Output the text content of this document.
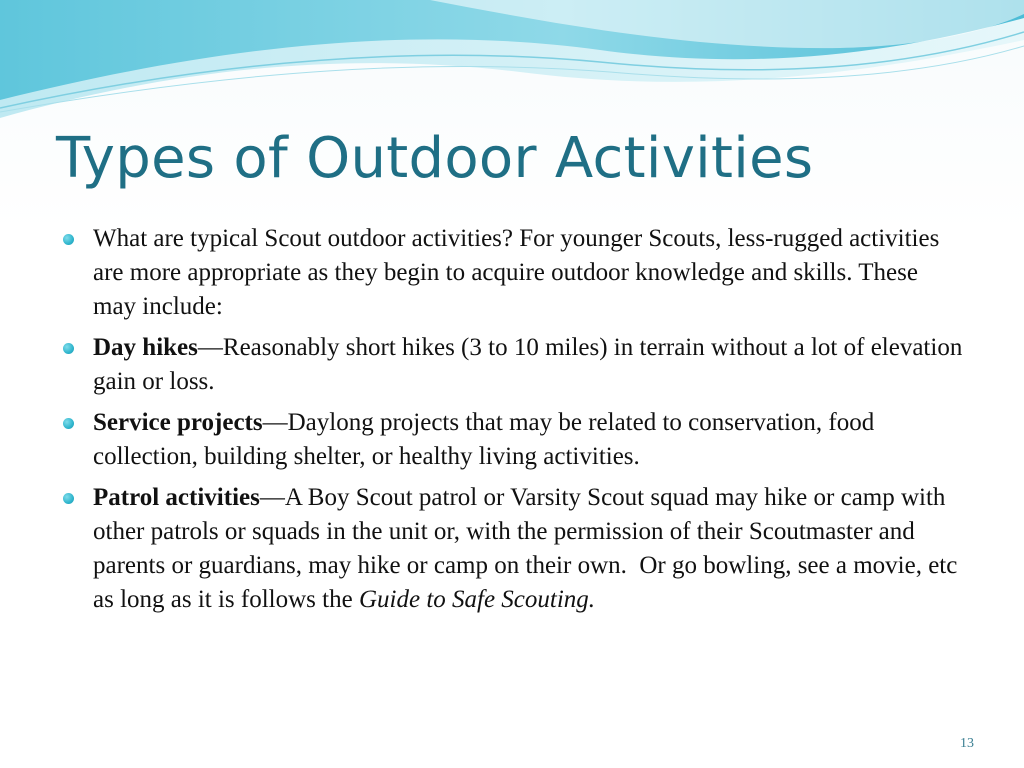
Types of Outdoor Activities
What are typical Scout outdoor activities? For younger Scouts, less-rugged activities are more appropriate as they begin to acquire outdoor knowledge and skills. These may include:
Day hikes—Reasonably short hikes (3 to 10 miles) in terrain without a lot of elevation gain or loss.
Service projects—Daylong projects that may be related to conservation, food collection, building shelter, or healthy living activities.
Patrol activities—A Boy Scout patrol or Varsity Scout squad may hike or camp with other patrols or squads in the unit or, with the permission of their Scoutmaster and parents or guardians, may hike or camp on their own.  Or go bowling, see a movie, etc as long as it is follows the Guide to Safe Scouting.
13
